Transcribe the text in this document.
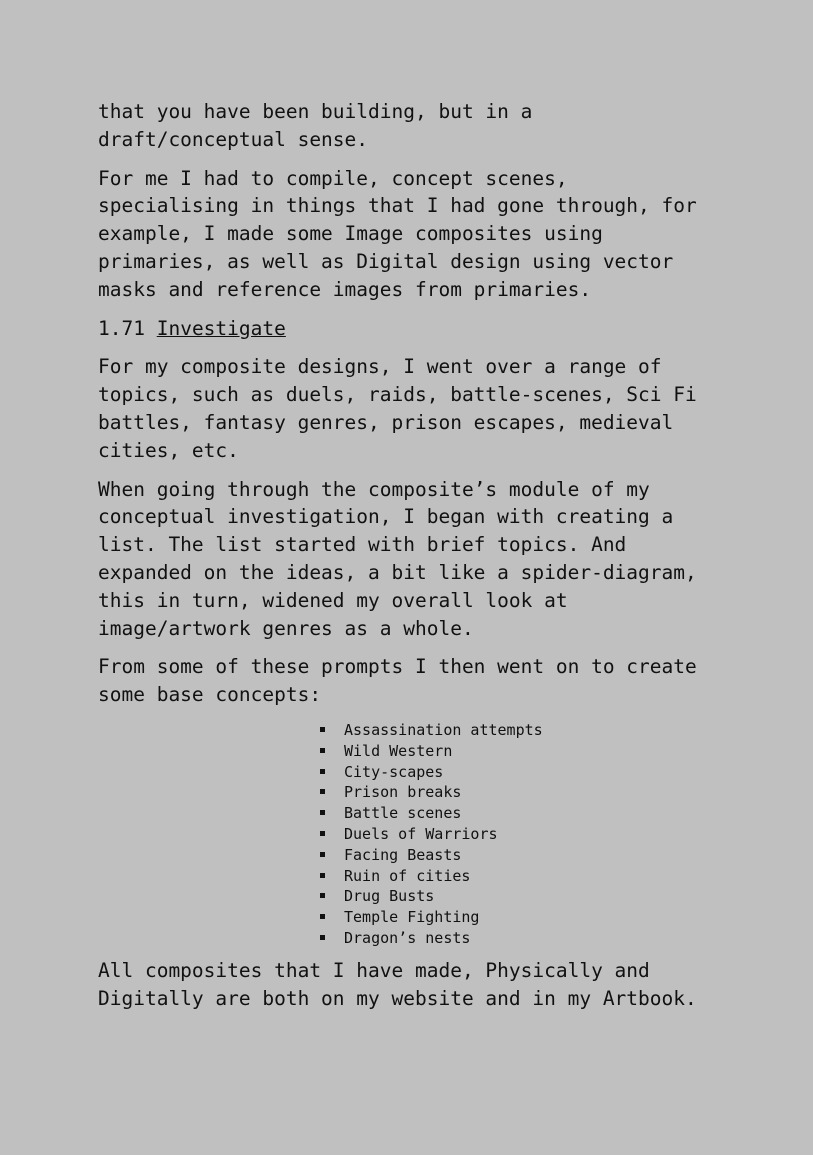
that you have been building, but in a
draft/conceptual sense.

For me I had to compile, concept scenes,
specialising in things that I had gone through, for
example, I made some Image composites using
primaries, as well as Digital design using vector
masks and reference images from primaries.

1.71 Investigate

For my composite designs, I went over a range of
topics, such as duels, raids, battle-scenes, Sci Fi
battles, fantasy genres, prison escapes, medieval
cities, etc.

When going through the composite’s module of my
conceptual investigation, I began with creating a
list. The list started with brief topics. And
expanded on the ideas, a bit like a spider-diagram,
this in turn, widened my overall look at
image/artwork genres as a whole.

From some of these prompts I then went on to create
some base concepts:

Assassination attempts
Wild Western
City-scapes
Prison breaks
Battle scenes
Duels of Warriors
Facing Beasts
Ruin of cities
Drug Busts
Temple Fighting
Dragon’s nests

All composites that I have made, Physically and
Digitally are both on my website and in my Artbook.
